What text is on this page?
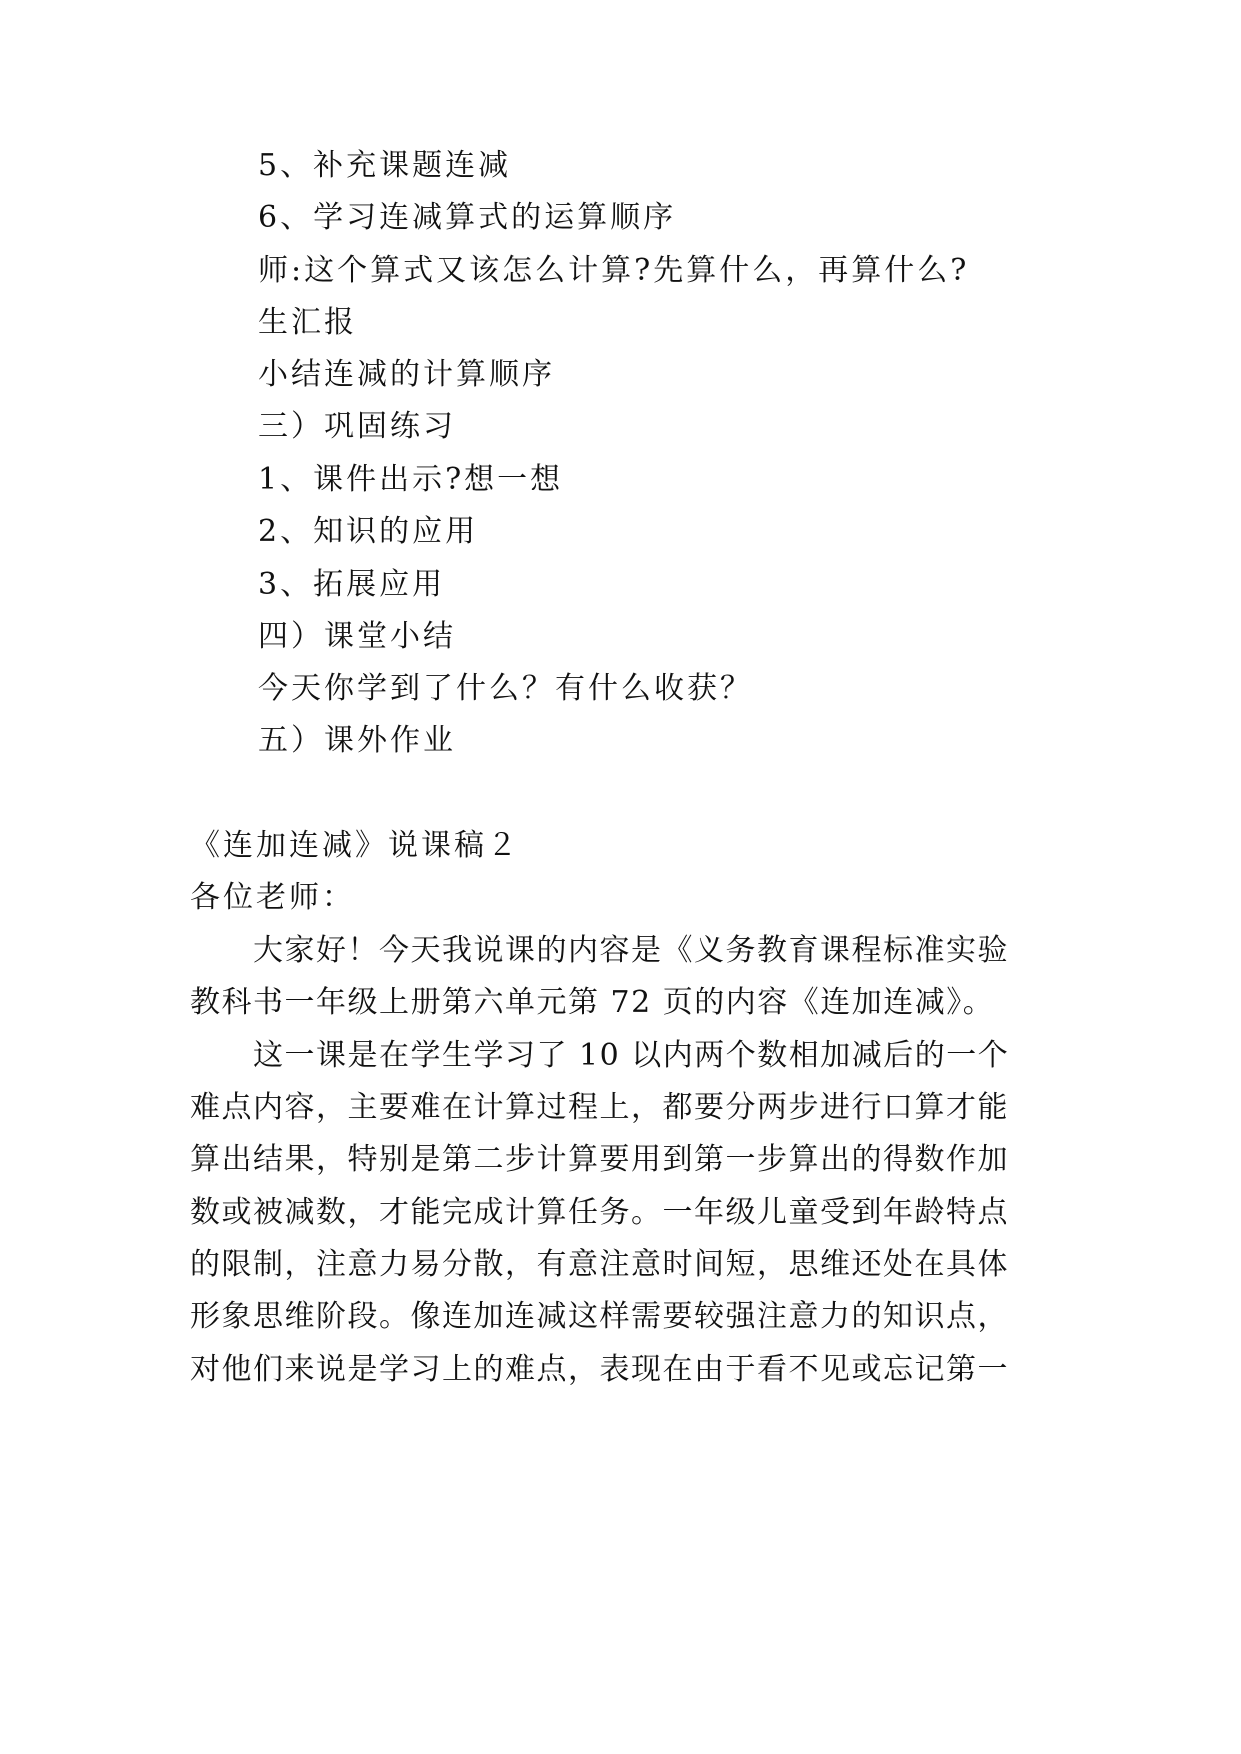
5、补充课题连减
6、学习连减算式的运算顺序
师:这个算式又该怎么计算?先算什么，再算什么?
生汇报
小结连减的计算顺序
三）巩固练习
1、课件出示?想一想
2、知识的应用
3、拓展应用
四）课堂小结
今天你学到了什么？有什么收获？
五）课外作业
《连加连减》说课稿２
各位老师：
　　大家好！今天我说课的内容是《义务教育课程标准实验
教科书一年级上册第六单元第 72 页的内容《连加连减》。
　　这一课是在学生学习了 10 以内两个数相加减后的一个
难点内容，主要难在计算过程上，都要分两步进行口算才能
算出结果，特别是第二步计算要用到第一步算出的得数作加
数或被减数，才能完成计算任务。一年级儿童受到年龄特点
的限制，注意力易分散，有意注意时间短，思维还处在具体
形象思维阶段。像连加连减这样需要较强注意力的知识点，
对他们来说是学习上的难点，表现在由于看不见或忘记第一
